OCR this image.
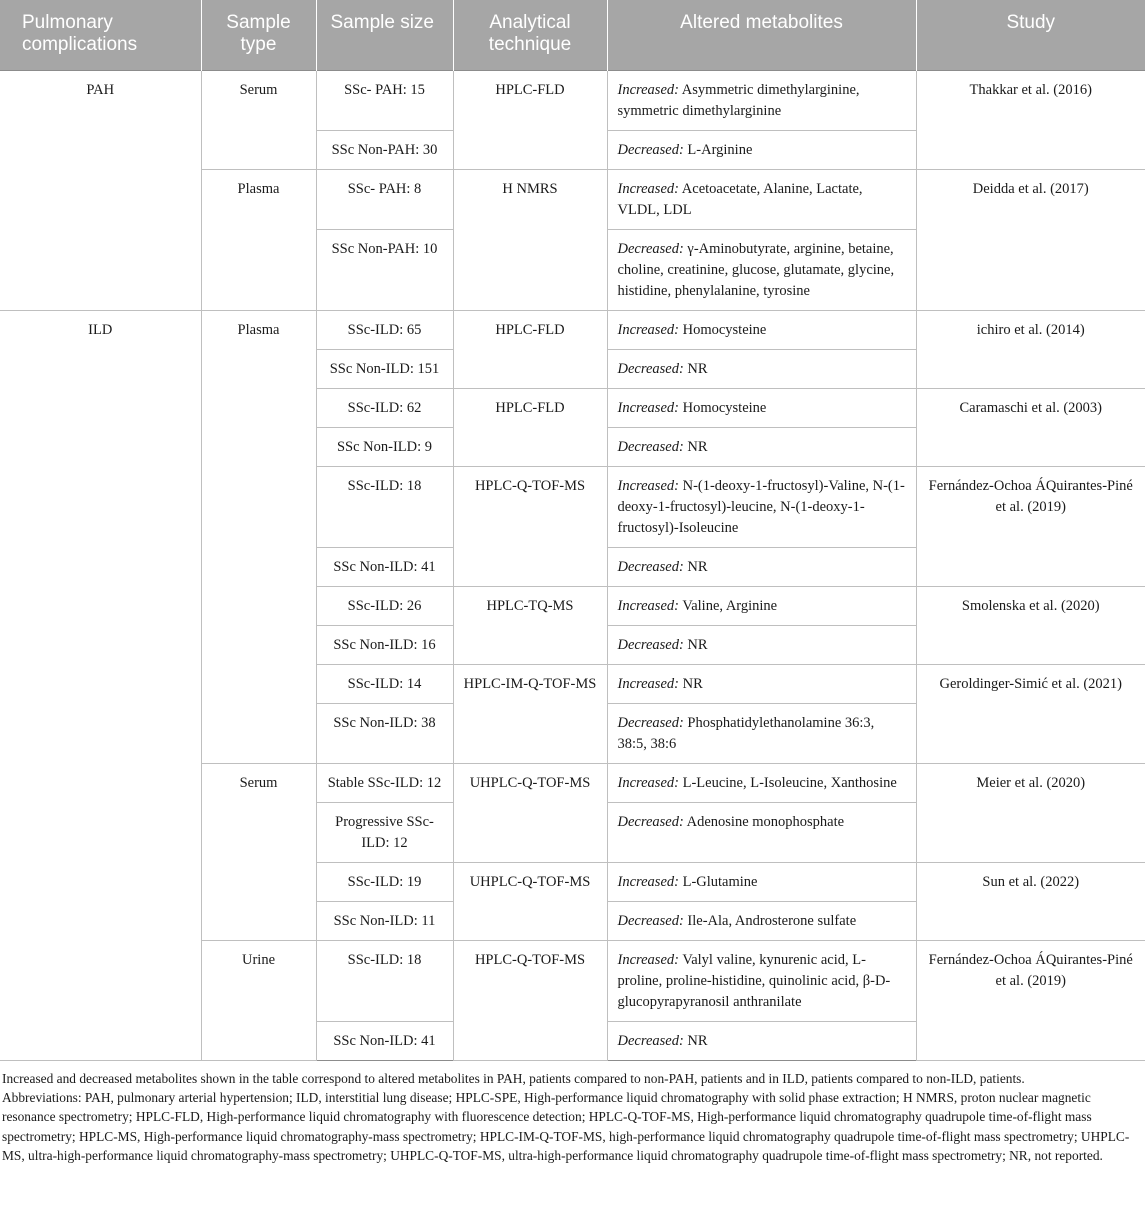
Pulmonary complications	Sample type	Sample size	Analytical technique	Altered metabolites	Study
PAH	Serum	SSc- PAH: 15	HPLC-FLD	Increased: Asymmetric dimethylarginine, symmetric dimethylarginine	Thakkar et al. (2016)
		SSc Non-PAH: 30		Decreased: L-Arginine	
	Plasma	SSc- PAH: 8	H NMRS	Increased: Acetoacetate, Alanine, Lactate, VLDL, LDL	Deidda et al. (2017)
		SSc Non-PAH: 10		Decreased: γ-Aminobutyrate, arginine, betaine, choline, creatinine, glucose, glutamate, glycine, histidine, phenylalanine, tyrosine	
ILD	Plasma	SSc-ILD: 65	HPLC-FLD	Increased: Homocysteine	ichiro et al. (2014)
		SSc Non-ILD: 151		Decreased: NR	
		SSc-ILD: 62	HPLC-FLD	Increased: Homocysteine	Caramaschi et al. (2003)
		SSc Non-ILD: 9		Decreased: NR	
		SSc-ILD: 18	HPLC-Q-TOF-MS	Increased: N-(1-deoxy-1-fructosyl)-Valine, N-(1-deoxy-1-fructosyl)-leucine, N-(1-deoxy-1-fructosyl)-Isoleucine	Fernández-Ochoa ÁQuirantes-Piné et al. (2019)
		SSc Non-ILD: 41		Decreased: NR	
		SSc-ILD: 26	HPLC-TQ-MS	Increased: Valine, Arginine	Smolenska et al. (2020)
		SSc Non-ILD: 16		Decreased: NR	
		SSc-ILD: 14	HPLC-IM-Q-TOF-MS	Increased: NR	Geroldinger-Simić et al. (2021)
		SSc Non-ILD: 38		Decreased: Phosphatidylethanolamine 36:3, 38:5, 38:6	
	Serum	Stable SSc-ILD: 12	UHPLC-Q-TOF-MS	Increased: L-Leucine, L-Isoleucine, Xanthosine	Meier et al. (2020)
		Progressive SSc-ILD: 12		Decreased: Adenosine monophosphate	
		SSc-ILD: 19	UHPLC-Q-TOF-MS	Increased: L-Glutamine	Sun et al. (2022)
		SSc Non-ILD: 11		Decreased: Ile-Ala, Androsterone sulfate	
	Urine	SSc-ILD: 18	HPLC-Q-TOF-MS	Increased: Valyl valine, kynurenic acid, L-proline, proline-histidine, quinolinic acid, β-D-glucopyrapyranosil anthranilate	Fernández-Ochoa ÁQuirantes-Piné et al. (2019)
		SSc Non-ILD: 41		Decreased: NR	

Increased and decreased metabolites shown in the table correspond to altered metabolites in PAH, patients compared to non-PAH, patients and in ILD, patients compared to non-ILD, patients.

Abbreviations: PAH, pulmonary arterial hypertension; ILD, interstitial lung disease; HPLC-SPE, High-performance liquid chromatography with solid phase extraction; H NMRS, proton nuclear magnetic resonance spectrometry; HPLC-FLD, High-performance liquid chromatography with fluorescence detection; HPLC-Q-TOF-MS, High-performance liquid chromatography quadrupole time-of-flight mass spectrometry; HPLC-MS, High-performance liquid chromatography-mass spectrometry; HPLC-IM-Q-TOF-MS, high-performance liquid chromatography quadrupole time-of-flight mass spectrometry; UHPLC-MS, ultra-high-performance liquid chromatography-mass spectrometry; UHPLC-Q-TOF-MS, ultra-high-performance liquid chromatography quadrupole time-of-flight mass spectrometry; NR, not reported.
